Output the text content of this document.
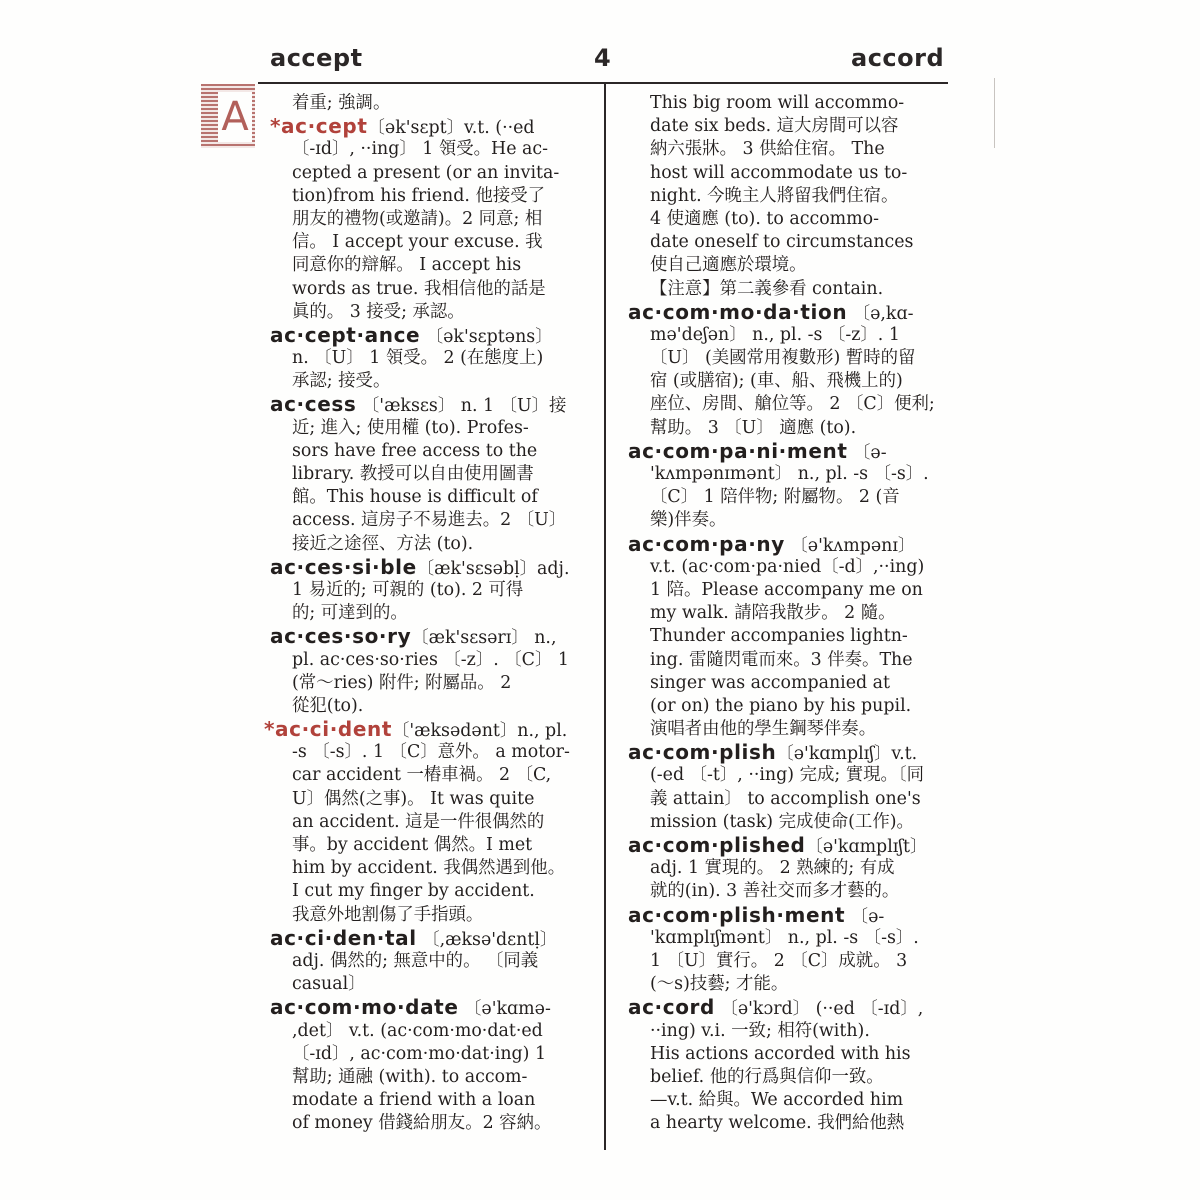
accept	4	accord
A	着重; 強調。
*ac·cept〔ək'sɛpt〕v.t. (··ed
〔-ɪd〕, ··ing〕 1 領受。He ac-
cepted a present (or an invita-
tion)from his friend. 他接受了
朋友的禮物(或邀請)。2 同意; 相
信。 I accept your excuse. 我
同意你的辯解。 I accept his
words as true. 我相信他的話是
眞的。 3 接受; 承認。
ac·cept·ance 〔ək'sɛptəns〕
n. 〔U〕 1 領受。 2 (在態度上)
承認; 接受。
ac·cess 〔'æksɛs〕 n. 1 〔U〕接
近; 進入; 使用權 (to). Profes-
sors have free access to the
library. 教授可以自由使用圖書
館。This house is difficult of
access. 這房子不易進去。2 〔U〕
接近之途徑、方法 (to).
ac·ces·si·ble〔æk'sɛsəbḷ〕adj.
1 易近的; 可親的 (to). 2 可得
的; 可達到的。
ac·ces·so·ry〔æk'sɛsərɪ〕 n.,
pl. ac·ces·so·ries 〔-z〕. 〔C〕 1
(常～ries) 附件; 附屬品。 2
從犯(to).
*ac·ci·dent〔'æksədənt〕n., pl.
-s 〔-s〕. 1 〔C〕意外。 a motor-
car accident 一樁車禍。 2 〔C,
U〕偶然(之事)。 It was quite
an accident. 這是一件很偶然的
事。by accident 偶然。I met
him by accident. 我偶然遇到他。
I cut my finger by accident.
我意外地割傷了手指頭。
ac·ci·den·tal 〔,æksə'dɛntḷ〕
adj. 偶然的; 無意中的。 〔同義
casual〕
ac·com·mo·date 〔ə'kɑmə-
,det〕 v.t. (ac·com·mo·dat·ed
〔-ɪd〕, ac·com·mo·dat·ing) 1
幫助; 通融 (with). to accom-
modate a friend with a loan
of money 借錢給朋友。2 容納。
This big room will accommo-
date six beds. 這大房間可以容
納六張牀。 3 供給住宿。 The
host will accommodate us to-
night. 今晚主人將留我們住宿。
4 使適應 (to). to accommo-
date oneself to circumstances
使自己適應於環境。
【注意】第二義參看 contain.
ac·com·mo·da·tion 〔ə,kɑ-
mə'deʃən〕 n., pl. -s 〔-z〕. 1
〔U〕 (美國常用複數形) 暫時的留
宿 (或膳宿); (車、船、飛機上的)
座位、房間、艙位等。 2 〔C〕便利;
幫助。 3 〔U〕 適應 (to).
ac·com·pa·ni·ment 〔ə-
'kʌmpənɪmənt〕 n., pl. -s 〔-s〕.
〔C〕 1 陪伴物; 附屬物。 2 (音
樂)伴奏。
ac·com·pa·ny 〔ə'kʌmpənɪ〕
v.t. (ac·com·pa·nied〔-d〕,··ing)
1 陪。Please accompany me on
my walk. 請陪我散步。 2 隨。
Thunder accompanies lightn-
ing. 雷隨閃電而來。3 伴奏。The
singer was accompanied at
(or on) the piano by his pupil.
演唱者由他的學生鋼琴伴奏。
ac·com·plish〔ə'kɑmplɪʃ〕v.t.
(-ed 〔-t〕, ··ing) 完成; 實現。〔同
義 attain〕 to accomplish one's
mission (task) 完成使命(工作)。
ac·com·plished〔ə'kɑmplɪʃt〕
adj. 1 實現的。 2 熟練的; 有成
就的(in). 3 善社交而多才藝的。
ac·com·plish·ment 〔ə-
'kɑmplɪʃmənt〕 n., pl. -s 〔-s〕.
1 〔U〕實行。 2 〔C〕成就。 3
(～s)技藝; 才能。
ac·cord 〔ə'kɔrd〕 (··ed 〔-ɪd〕,
··ing) v.i. 一致; 相符(with).
His actions accorded with his
belief. 他的行爲與信仰一致。
—v.t. 給與。We accorded him
a hearty welcome. 我們給他熱
